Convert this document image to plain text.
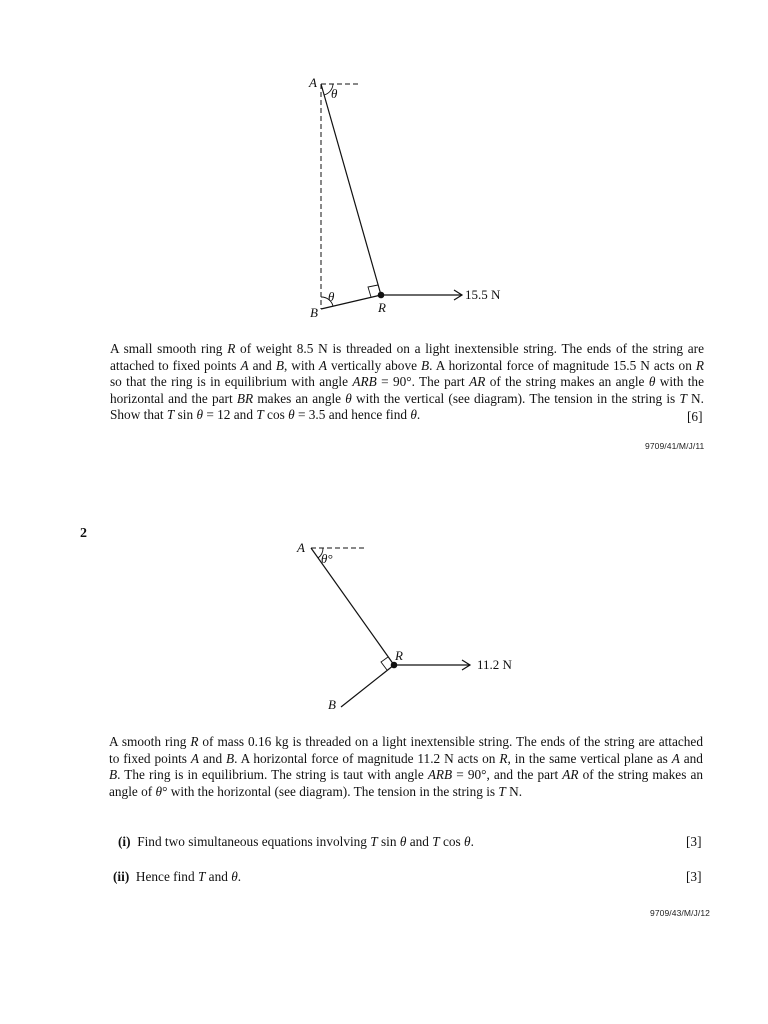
A
θ
θ
B	R
15.5 N

A small smooth ring R of weight 8.5 N is threaded on a light inextensible string. The ends of the string are attached to fixed points A and B, with A vertically above B. A horizontal force of magnitude 15.5 N acts on R so that the ring is in equilibrium with angle ARB = 90°. The part AR of the string makes an angle θ with the horizontal and the part BR makes an angle θ with the vertical (see diagram). The tension in the string is T N. Show that T sin θ = 12 and T cos θ = 3.5 and hence find θ.	[6]
9709/41/M/J/11
2
A
θ°
R
11.2 N
B

A smooth ring R of mass 0.16 kg is threaded on a light inextensible string. The ends of the string are attached to fixed points A and B. A horizontal force of magnitude 11.2 N acts on R, in the same vertical plane as A and B. The ring is in equilibrium. The string is taut with angle ARB = 90°, and the part AR of the string makes an angle of θ° with the horizontal (see diagram). The tension in the string is T N.

(i) Find two simultaneous equations involving T sin θ and T cos θ.	[3]
(ii) Hence find T and θ.	[3]
9709/43/M/J/12
